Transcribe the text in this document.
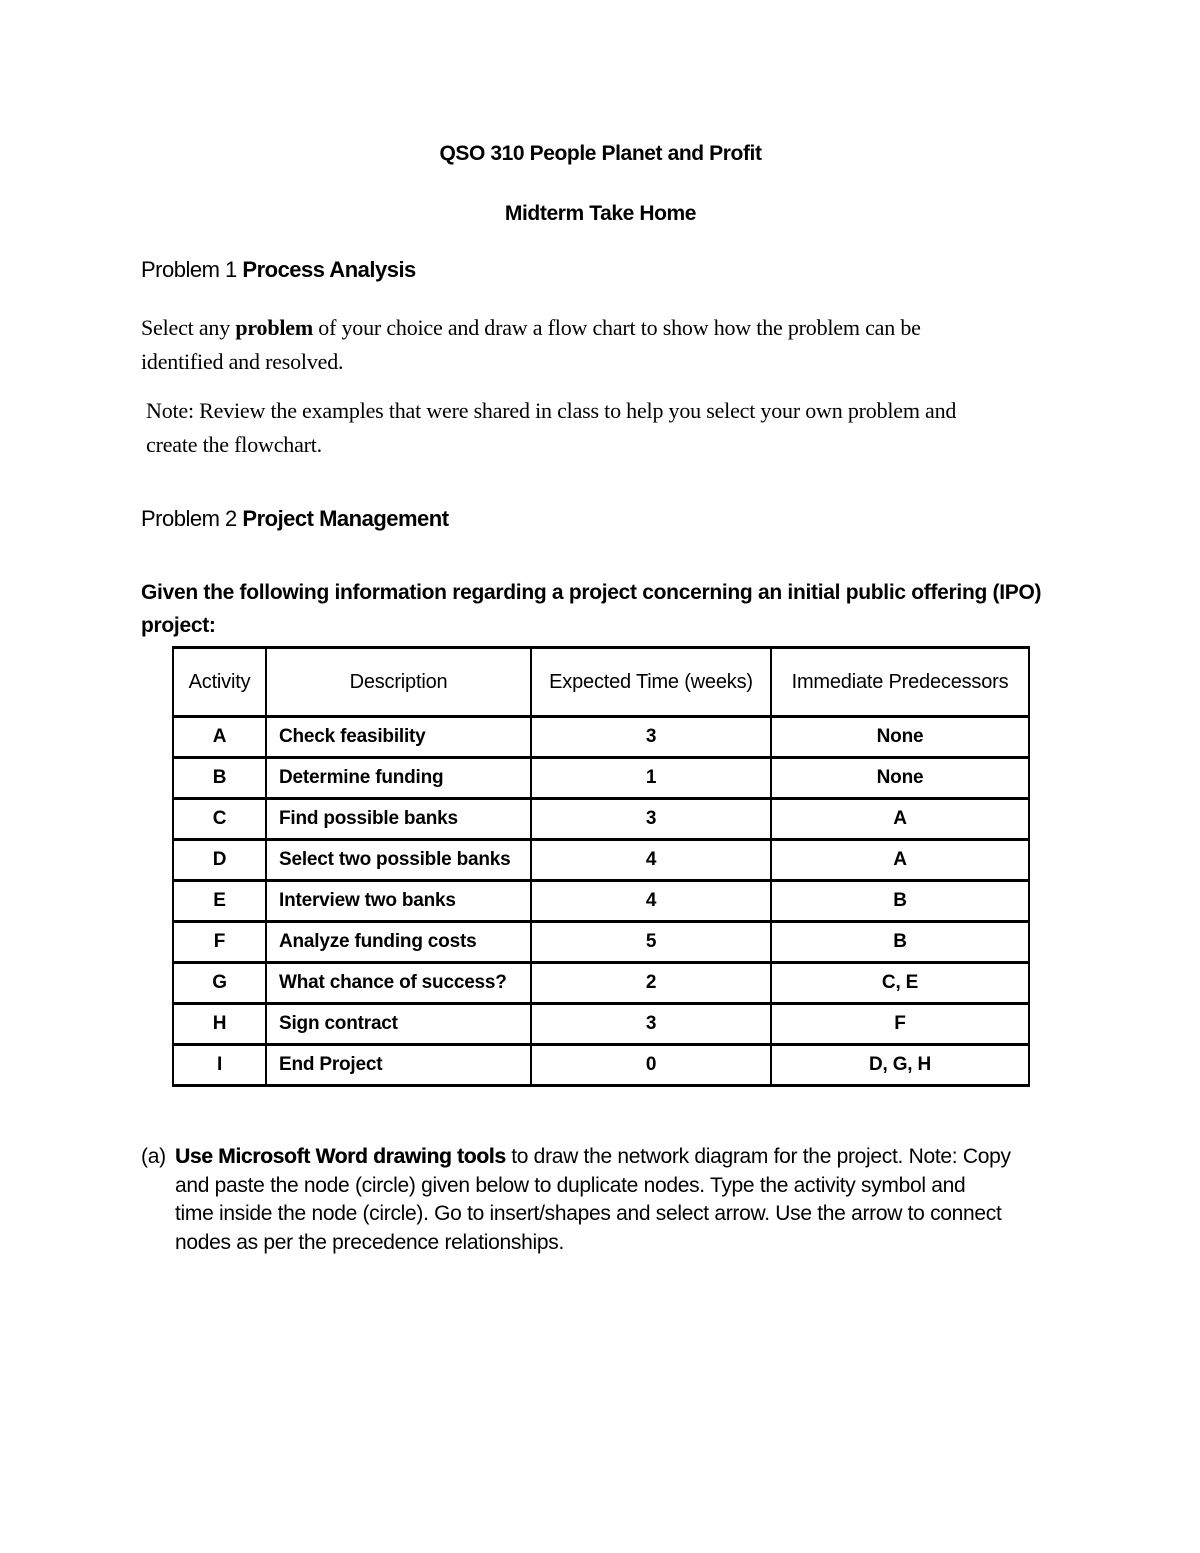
QSO 310 People Planet and Profit
Midterm Take Home
Problem 1 Process Analysis
Select any problem of your choice and draw a flow chart to show how the problem can be
identified and resolved.
Note: Review the examples that were shared in class to help you select your own problem and
create the flowchart.
Problem 2 Project Management
Given the following information regarding a project concerning an initial public offering (IPO)
project:
Activity	Description	Expected Time (weeks)	Immediate Predecessors
A	Check feasibility	3	None
B	Determine funding	1	None
C	Find possible banks	3	A
D	Select two possible banks	4	A
E	Interview two banks	4	B
F	Analyze funding costs	5	B
G	What chance of success?	2	C, E
H	Sign contract	3	F
I	End Project	0	D, G, H
(a) Use Microsoft Word drawing tools to draw the network diagram for the project. Note: Copy
and paste the node (circle) given below to duplicate nodes. Type the activity symbol and
time inside the node (circle). Go to insert/shapes and select arrow. Use the arrow to connect
nodes as per the precedence relationships.
